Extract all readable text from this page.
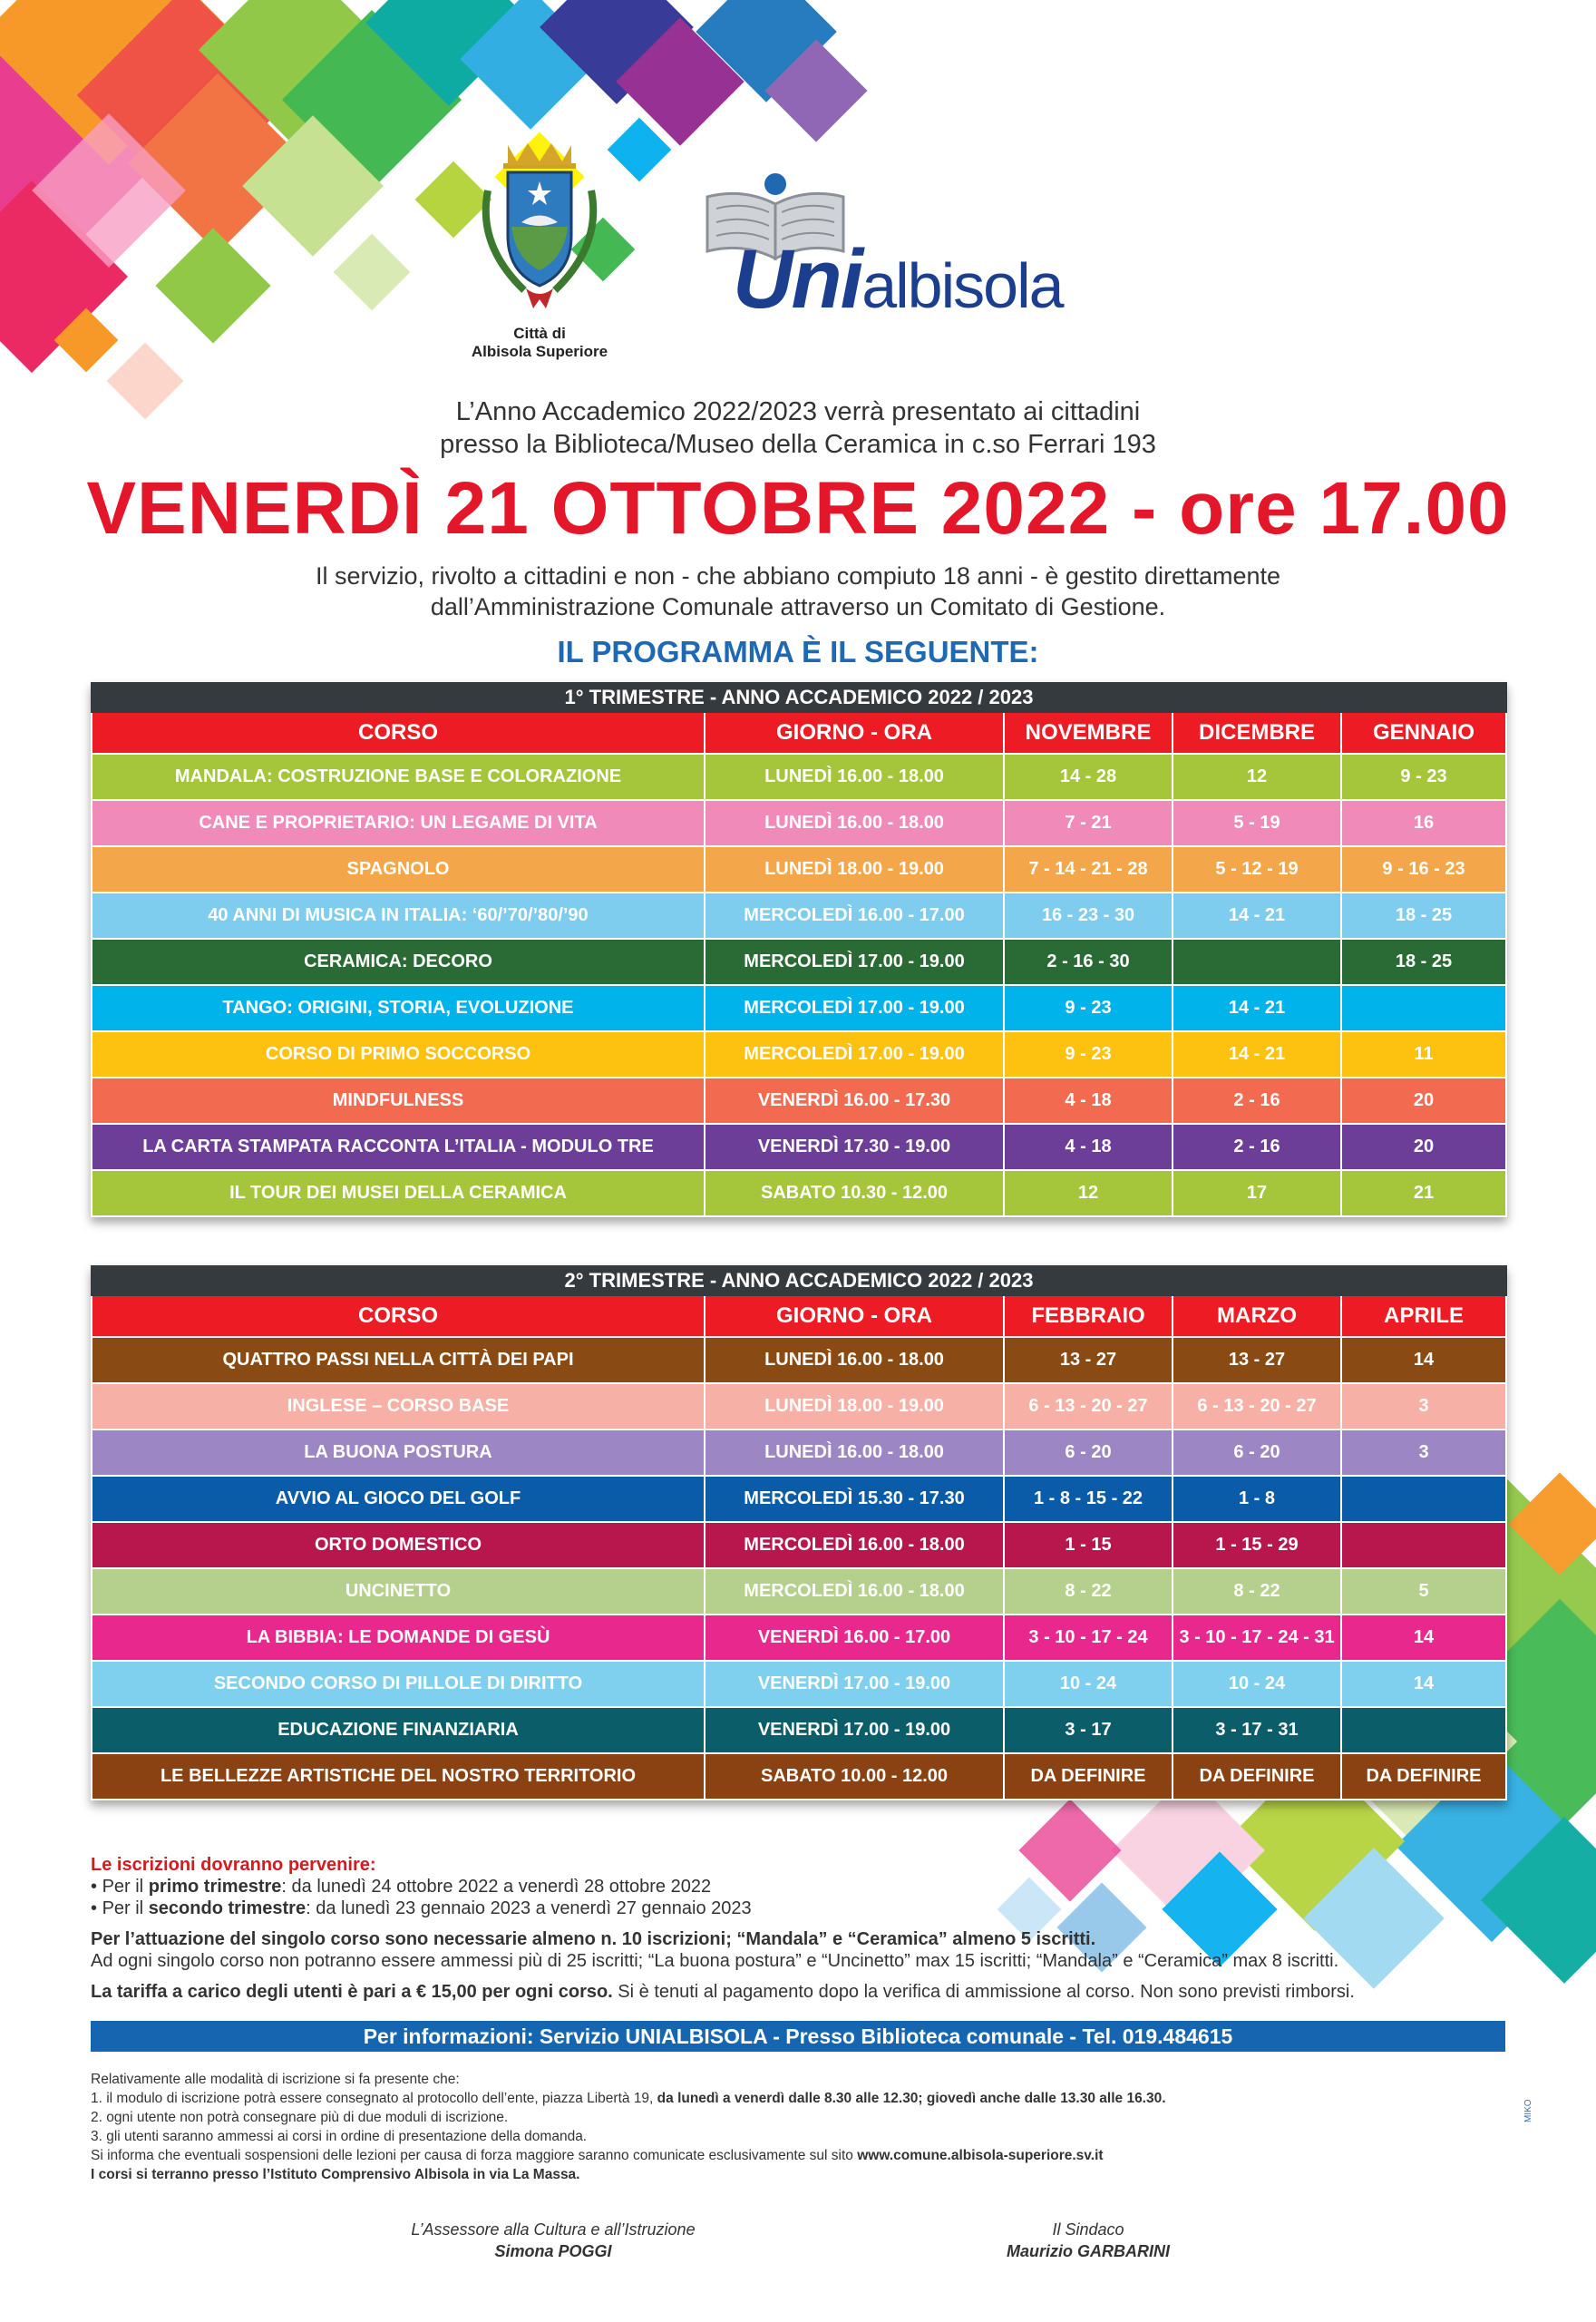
Città di
Albisola Superiore
Unialbisola
L’Anno Accademico 2022/2023 verrà presentato ai cittadini
presso la Biblioteca/Museo della Ceramica in c.so Ferrari 193
VENERDÌ 21 OTTOBRE 2022 - ore 17.00
Il servizio, rivolto a cittadini e non - che abbiano compiuto 18 anni - è gestito direttamente
dall’Amministrazione Comunale attraverso un Comitato di Gestione.
IL PROGRAMMA È IL SEGUENTE:
1° TRIMESTRE - ANNO ACCADEMICO 2022 / 2023				
CORSO	GIORNO - ORA	NOVEMBRE	DICEMBRE	GENNAIO
MANDALA: COSTRUZIONE BASE E COLORAZIONE	LUNEDÌ 16.00 - 18.00	14 - 28	12	9 - 23
CANE E PROPRIETARIO: UN LEGAME DI VITA	LUNEDÌ 16.00 - 18.00	7 - 21	5 - 19	16
SPAGNOLO	LUNEDÌ 18.00 - 19.00	7 - 14 - 21 - 28	5 - 12 - 19	9 - 16 - 23
40 ANNI DI MUSICA IN ITALIA: ‘60/’70/’80/’90	MERCOLEDÌ 16.00 - 17.00	16 - 23 - 30	14 - 21	18 - 25
CERAMICA: DECORO	MERCOLEDÌ 17.00 - 19.00	2 - 16 - 30		18 - 25
TANGO: ORIGINI, STORIA, EVOLUZIONE	MERCOLEDÌ 17.00 - 19.00	9 - 23	14 - 21	
CORSO DI PRIMO SOCCORSO	MERCOLEDÌ 17.00 - 19.00	9 - 23	14 - 21	11
MINDFULNESS	VENERDÌ 16.00 - 17.30	4 - 18	2 - 16	20
LA CARTA STAMPATA RACCONTA L’ITALIA - MODULO TRE	VENERDÌ 17.30 - 19.00	4 - 18	2 - 16	20
IL TOUR DEI MUSEI DELLA CERAMICA	SABATO 10.30 - 12.00	12	17	21
2° TRIMESTRE - ANNO ACCADEMICO 2022 / 2023				
CORSO	GIORNO - ORA	FEBBRAIO	MARZO	APRILE
QUATTRO PASSI NELLA CITTÀ DEI PAPI	LUNEDÌ 16.00 - 18.00	13 - 27	13 - 27	14
INGLESE – CORSO BASE	LUNEDÌ 18.00 - 19.00	6 - 13 - 20 - 27	6 - 13 - 20 - 27	3
LA BUONA POSTURA	LUNEDÌ 16.00 - 18.00	6 - 20	6 - 20	3
AVVIO AL GIOCO DEL GOLF	MERCOLEDÌ 15.30 - 17.30	1 - 8 - 15 - 22	1 - 8	
ORTO DOMESTICO	MERCOLEDÌ 16.00 - 18.00	1 - 15	1 - 15 - 29	
UNCINETTO	MERCOLEDÌ 16.00 - 18.00	8 - 22	8 - 22	5
LA BIBBIA: LE DOMANDE DI GESÙ	VENERDÌ 16.00 - 17.00	3 - 10 - 17 - 24	3 - 10 - 17 - 24 - 31	14
SECONDO CORSO DI PILLOLE DI DIRITTO	VENERDÌ 17.00 - 19.00	10 - 24	10 - 24	14
EDUCAZIONE FINANZIARIA	VENERDÌ 17.00 - 19.00	3 - 17	3 - 17 - 31	
LE BELLEZZE ARTISTICHE DEL NOSTRO TERRITORIO	SABATO 10.00 - 12.00	DA DEFINIRE	DA DEFINIRE	DA DEFINIRE
Le iscrizioni dovranno pervenire:
• Per il primo trimestre: da lunedì 24 ottobre 2022 a venerdì 28 ottobre 2022
• Per il secondo trimestre: da lunedì 23 gennaio 2023 a venerdì 27 gennaio 2023
Per l’attuazione del singolo corso sono necessarie almeno n. 10 iscrizioni; “Mandala” e “Ceramica” almeno 5 iscritti.
Ad ogni singolo corso non potranno essere ammessi più di 25 iscritti; “La buona postura” e “Uncinetto” max 15 iscritti; “Mandala” e “Ceramica” max 8 iscritti.
La tariffa a carico degli utenti è pari a € 15,00 per ogni corso. Si è tenuti al pagamento dopo la verifica di ammissione al corso. Non sono previsti rimborsi.
Per informazioni: Servizio UNIALBISOLA - Presso Biblioteca comunale - Tel. 019.484615
Relativamente alle modalità di iscrizione si fa presente che:
1. il modulo di iscrizione potrà essere consegnato al protocollo dell’ente, piazza Libertà 19, da lunedì a venerdì dalle 8.30 alle 12.30; giovedì anche dalle 13.30 alle 16.30.
2. ogni utente non potrà consegnare più di due moduli di iscrizione.
3. gli utenti saranno ammessi ai corsi in ordine di presentazione della domanda.
Si informa che eventuali sospensioni delle lezioni per causa di forza maggiore saranno comunicate esclusivamente sul sito www.comune.albisola-superiore.sv.it
I corsi si terranno presso l’Istituto Comprensivo Albisola in via La Massa.
L’Assessore alla Cultura e all’Istruzione
Simona POGGI
Il Sindaco
Maurizio GARBARINI
MIKO
